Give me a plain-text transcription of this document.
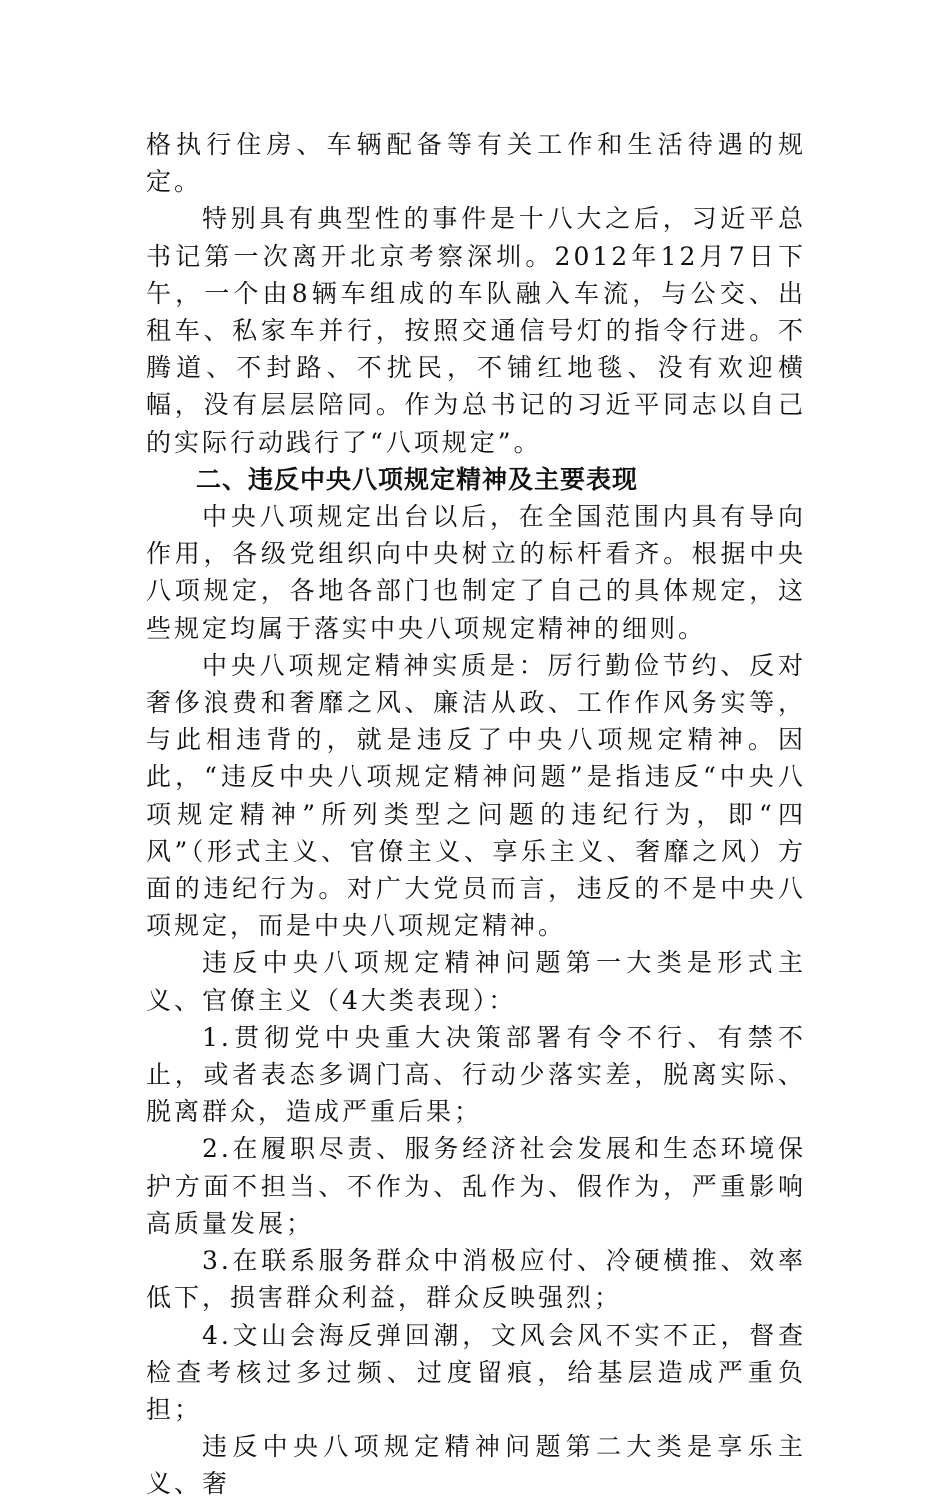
格执行住房、车辆配备等有关工作和生活待遇的规定。

特别具有典型性的事件是十八大之后，习近平总书记第一次离开北京考察深圳。2012年12月7日下午，一个由8辆车组成的车队融入车流，与公交、出租车、私家车并行，按照交通信号灯的指令行进。不腾道、不封路、不扰民，不铺红地毯、没有欢迎横幅，没有层层陪同。作为总书记的习近平同志以自己的实际行动践行了“八项规定”。

二、违反中央八项规定精神及主要表现

中央八项规定出台以后，在全国范围内具有导向作用，各级党组织向中央树立的标杆看齐。根据中央八项规定，各地各部门也制定了自己的具体规定，这些规定均属于落实中央八项规定精神的细则。

中央八项规定精神实质是：厉行勤俭节约、反对奢侈浪费和奢靡之风、廉洁从政、工作作风务实等，与此相违背的，就是违反了中央八项规定精神。因此，“违反中央八项规定精神问题”是指违反“中央八项规定精神”所列类型之问题的违纪行为，即“四风”（形式主义、官僚主义、享乐主义、奢靡之风）方面的违纪行为。对广大党员而言，违反的不是中央八项规定，而是中央八项规定精神。

违反中央八项规定精神问题第一大类是形式主义、官僚主义（4大类表现）：

1.贯彻党中央重大决策部署有令不行、有禁不止，或者表态多调门高、行动少落实差，脱离实际、脱离群众，造成严重后果；

2.在履职尽责、服务经济社会发展和生态环境保护方面不担当、不作为、乱作为、假作为，严重影响高质量发展；

3.在联系服务群众中消极应付、冷硬横推、效率低下，损害群众利益，群众反映强烈；

4.文山会海反弹回潮，文风会风不实不正，督查检查考核过多过频、过度留痕，给基层造成严重负担；

违反中央八项规定精神问题第二大类是享乐主义、奢
